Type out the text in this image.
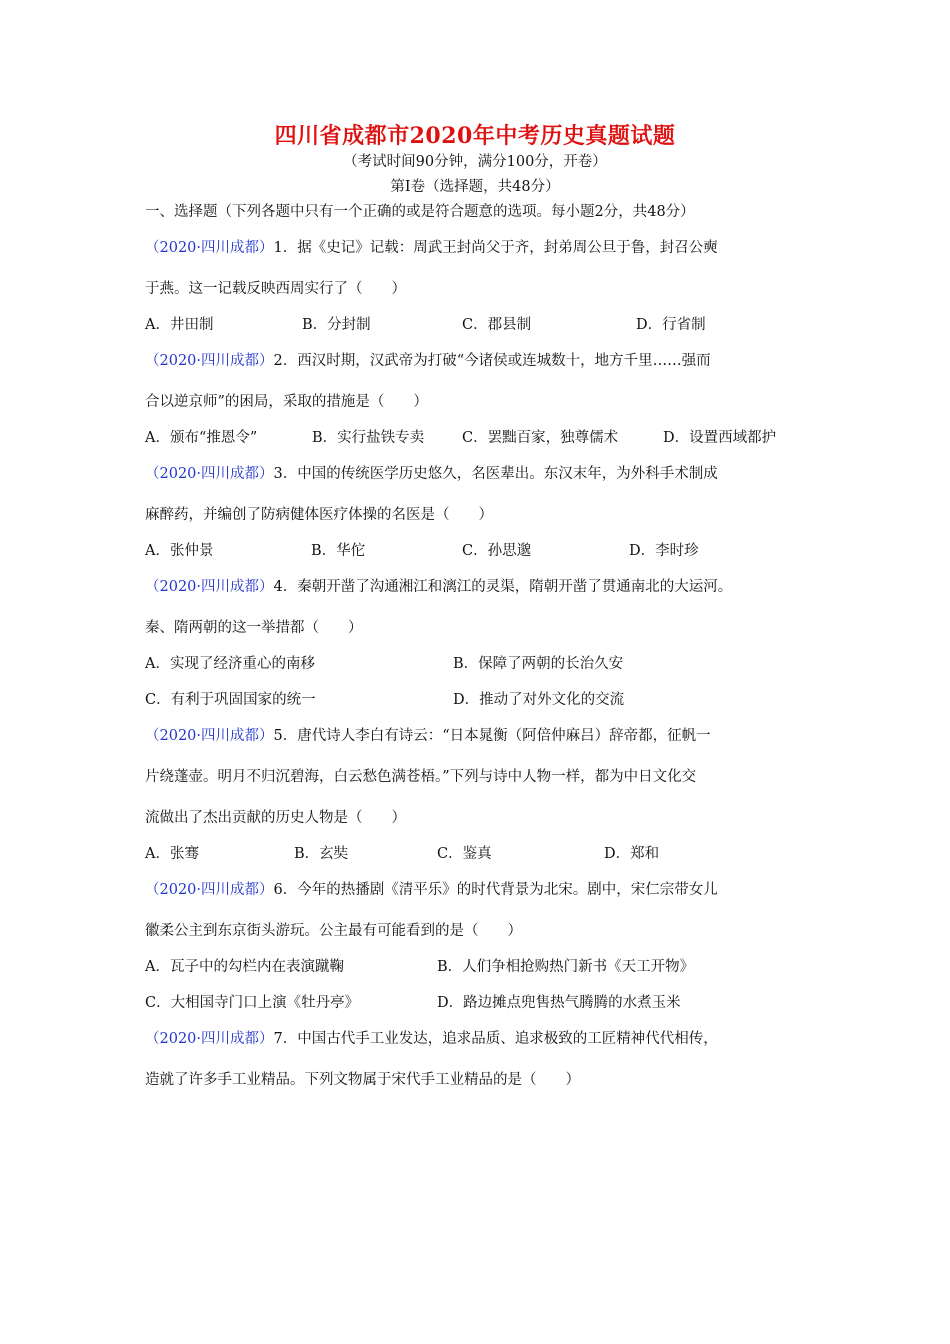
四川省成都市2020年中考历史真题试题
（考试时间90分钟，满分100分，开卷）
第Ⅰ卷（选择题，共48分）
一、选择题（下列各题中只有一个正确的或是符合题意的选项。每小题2分，共48分）
（2020·四川成都）1．据《史记》记载：周武王封尚父于齐，封弟周公旦于鲁，封召公奭
于燕。这一记载反映西周实行了（　　）
A．井田制	B．分封制	C．郡县制	D．行省制
（2020·四川成都）2．西汉时期，汉武帝为打破“今诸侯或连城数十，地方千里……强而
合以逆京师”的困局，采取的措施是（　　）
A．颁布“推恩令”	B．实行盐铁专卖	C．罢黜百家，独尊儒术	D．设置西域都护
（2020·四川成都）3．中国的传统医学历史悠久，名医辈出。东汉末年，为外科手术制成
麻醉药，并编创了防病健体医疗体操的名医是（　　）
A．张仲景	B．华佗	C．孙思邈	D．李时珍
（2020·四川成都）4．秦朝开凿了沟通湘江和漓江的灵渠，隋朝开凿了贯通南北的大运河。
秦、隋两朝的这一举措都（　　）
A．实现了经济重心的南移	B．保障了两朝的长治久安
C．有利于巩固国家的统一	D．推动了对外文化的交流
（2020·四川成都）5．唐代诗人李白有诗云：“日本晁衡（阿倍仲麻吕）辞帝都，征帆一
片绕蓬壶。明月不归沉碧海，白云愁色满苍梧。”下列与诗中人物一样，都为中日文化交
流做出了杰出贡献的历史人物是（　　）
A．张骞	B．玄奘	C．鉴真	D．郑和
（2020·四川成都）6．今年的热播剧《清平乐》的时代背景为北宋。剧中，宋仁宗带女儿
徽柔公主到东京街头游玩。公主最有可能看到的是（　　）
A．瓦子中的勾栏内在表演蹴鞠	B．人们争相抢购热门新书《天工开物》
C．大相国寺门口上演《牡丹亭》	D．路边摊点兜售热气腾腾的水煮玉米
（2020·四川成都）7．中国古代手工业发达，追求品质、追求极致的工匠精神代代相传，
造就了许多手工业精品。下列文物属于宋代手工业精品的是（　　）
